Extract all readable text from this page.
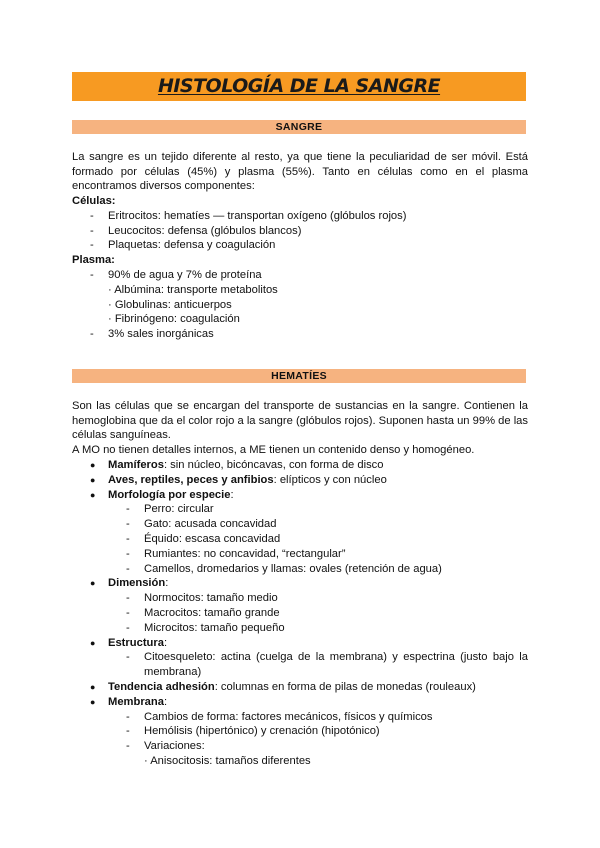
HISTOLOGÍA DE LA SANGRE
SANGRE
La sangre es un tejido diferente al resto, ya que tiene la peculiaridad de ser móvil. Está
formado por células (45%) y plasma (55%). Tanto en células como en el plasma
encontramos diversos componentes:
Células:
- Eritrocitos: hematíes — transportan oxígeno (glóbulos rojos)
- Leucocitos: defensa (glóbulos blancos)
- Plaquetas: defensa y coagulación
Plasma:
- 90% de agua y 7% de proteína
· Albúmina: transporte metabolitos
· Globulinas: anticuerpos
· Fibrinógeno: coagulación
- 3% sales inorgánicas
HEMATÍES
Son las células que se encargan del transporte de sustancias en la sangre. Contienen la
hemoglobina que da el color rojo a la sangre (glóbulos rojos). Suponen hasta un 99% de las
células sanguíneas.
A MO no tienen detalles internos, a ME tienen un contenido denso y homogéneo.
● Mamíferos: sin núcleo, bicóncavas, con forma de disco
● Aves, reptiles, peces y anfibios: elípticos y con núcleo
● Morfología por especie:
- Perro: circular
- Gato: acusada concavidad
- Équido: escasa concavidad
- Rumiantes: no concavidad, “rectangular”
- Camellos, dromedarios y llamas: ovales (retención de agua)
● Dimensión:
- Normocitos: tamaño medio
- Macrocitos: tamaño grande
- Microcitos: tamaño pequeño
● Estructura:
- Citoesqueleto: actina (cuelga de la membrana) y espectrina (justo bajo la membrana)
● Tendencia adhesión: columnas en forma de pilas de monedas (rouleaux)
● Membrana:
- Cambios de forma: factores mecánicos, físicos y químicos
- Hemólisis (hipertónico) y crenación (hipotónico)
- Variaciones:
· Anisocitosis: tamaños diferentes
